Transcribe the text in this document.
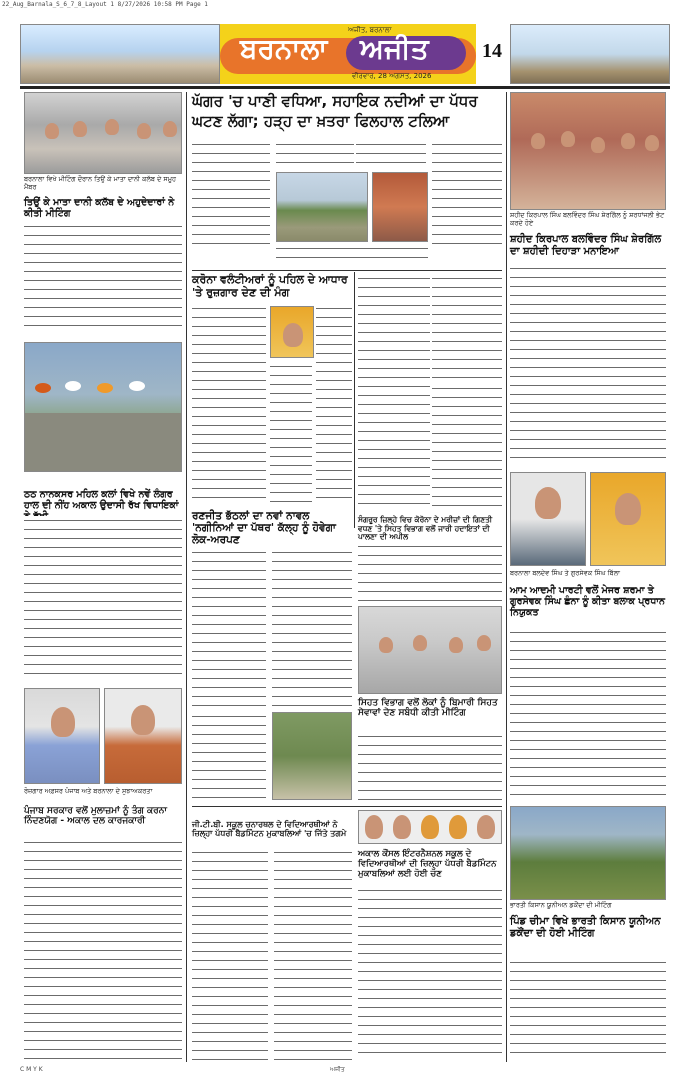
22_Aug_Barnala_S_6_7_8_Layout 1 8/27/2026 10:58 PM Page 1
ਬਰਨਾਲਾ ਅਜੀਤ
ਅਜੀਤ, ਬਰਨਾਲਾ
ਵੀਰਵਾਰ, 28 ਅਗਸਤ, 2026
14
ਬਰਨਾਲਾ ਵਿਖੇ ਮੀਟਿੰਗ ਦੌਰਾਨ ਤਿਉਂ ਕੇ ਮਾਤਾ ਦਾਨੀ ਕਲੱਬ ਦੇ ਸਮੂਹ ਮੈਂਬਰ
ਤਿਉਂ ਕੇ ਮਾਤਾ ਦਾਨੀ ਕਲੱਬ ਦੇ ਅਹੁਦੇਦਾਰਾਂ ਨੇ ਕੀਤੀ ਮੀਟਿੰਗ
ਠਠ ਨਾਨਕਸਰ ਮਹਿਲ ਕਲਾਂ ਵਿਖੇ ਨਵੇਂ ਲੰਗਰ ਹਾਲ ਦੀ ਨੀਂਹ ਅਕਾਲ ਉਦਾਸੀ ਰੱਖ ਵਿਧਾਇਕਾਂ
ਰੋਜ਼ਗਾਰ ਅਫ਼ਸਰ ਪੰਜਾਬ ਅਤੇ ਬਰਨਾਲਾ ਦੇ ਸੁਝਾਅਕਰਤਾ
ਪੰਜਾਬ ਸਰਕਾਰ ਵਲੋਂ ਮੁਲਾਜ਼ਮਾਂ ਨੂੰ ਤੰਗ ਕਰਨਾ ਨਿੰਦਣਯੋਗ - ਅਕਾਲ ਦਲ ਕਾਰਜਕਾਰੀ
ਘੱਗਰ 'ਚ ਪਾਣੀ ਵਧਿਆ, ਸਹਾਇਕ ਨਦੀਆਂ ਦਾ ਪੱਧਰ
ਘਟਣ ਲੱਗਾ; ਹੜ੍ਹ ਦਾ ਖ਼ਤਰਾ ਫਿਲਹਾਲ ਟਲਿਆ
ਕਰੋਨਾ ਵਲੰਟੀਅਰਾਂ ਨੂੰ ਪਹਿਲ ਦੇ ਆਧਾਰ 'ਤੇ ਰੁਜ਼ਗਾਰ ਦੇਣ ਦੀ ਮੰਗ
ਸੰਗਰੂਰ ਜ਼ਿਲ੍ਹੇ ਵਿਚ ਕੋਰੋਨਾ ਦੇ ਮਰੀਜ਼ਾਂ ਦੀ ਗਿਣਤੀ ਵਧਣ 'ਤੇ ਸਿਹਤ ਵਿਭਾਗ ਵਲੋਂ ਜਾਰੀ ਹਦਾਇਤਾਂ ਦੀ ਪਾਲਣਾ ਦੀ ਅਪੀਲ
ਰਣਜੀਤ ਭੱਠਲਾਂ ਦਾ ਨਵਾਂ ਨਾਵਲ 'ਨਗੀਨਿਆਂ ਦਾ ਪੱਥਰ' ਕੱਲ੍ਹ ਨੂੰ ਹੋਵੇਗਾ ਲੋਕ-ਅਰਪਣ
ਸਿਹਤ ਵਿਭਾਗ ਵਲੋਂ ਲੋਕਾਂ ਨੂੰ ਬਿਮਾਰੀ ਸਿਹਤ ਸੇਵਾਵਾਂ ਦੇਣ ਸਬੰਧੀ ਕੀਤੀ ਮੀਟਿੰਗ
ਜੀ.ਟੀ.ਬੀ. ਸਕੂਲ ਚਨਾਰਥਲ ਦੇ ਵਿਦਿਆਰਥੀਆਂ ਨੇ ਜ਼ਿਲ੍ਹਾ ਪੱਧਰੀ ਬੈਡਮਿੰਟਨ ਮੁਕਾਬਲਿਆਂ 'ਚ ਜਿੱਤੇ ਤਗਮੇ
ਅਕਾਲ ਕੌਂਸਲ ਇੰਟਰਨੈਸ਼ਨਲ ਸਕੂਲ ਦੇ ਵਿਦਿਆਰਥੀਆਂ ਦੀ ਜ਼ਿਲ੍ਹਾ ਪੱਧਰੀ ਬੈਡਮਿੰਟਨ ਮੁਕਾਬਲਿਆਂ ਲਈ ਹੋਈ ਚੋਣ
ਸ਼ਹੀਦ ਕਿਰਪਾਲ ਸਿੰਘ ਬਲਵਿੰਦਰ ਸਿੰਘ ਸ਼ੇਰਗਿੱਲ ਨੂੰ ਸ਼ਰਧਾਂਜਲੀ ਭੇਟ ਕਰਦੇ ਹੋਏ
ਸ਼ਹੀਦ ਕਿਰਪਾਲ ਬਲਵਿੰਦਰ ਸਿੰਘ ਸ਼ੇਰਗਿੱਲ ਦਾ ਸ਼ਹੀਦੀ ਦਿਹਾੜਾ ਮਨਾਇਆ
ਬਰਨਾਲਾ ਬਲਦੇਵ ਸਿੰਘ ਤੇ ਗੁਰਸੇਵਕ ਸਿੰਘ ਬਿੱਲਾ
ਆਮ ਆਦਮੀ ਪਾਰਟੀ ਵਲੋਂ ਮੇਜਰ ਸ਼ਰਮਾ ਤੇ ਗੁਰਸੇਵਕ ਸਿੰਘ ਛੰਨਾ ਨੂੰ ਕੀਤਾ ਬਲਾਕ ਪ੍ਰਧਾਨ ਨਿਯੁਕਤ
ਭਾਰਤੀ ਕਿਸਾਨ ਯੂਨੀਅਨ ਡਕੌਂਦਾ ਦੀ ਮੀਟਿੰਗ
ਪਿੰਡ ਚੀਮਾ ਵਿਖੇ ਭਾਰਤੀ ਕਿਸਾਨ ਯੂਨੀਅਨ ਡਕੌਂਦਾ ਦੀ ਹੋਈ ਮੀਟਿੰਗ
C M Y K	ਅਜੀਤ
